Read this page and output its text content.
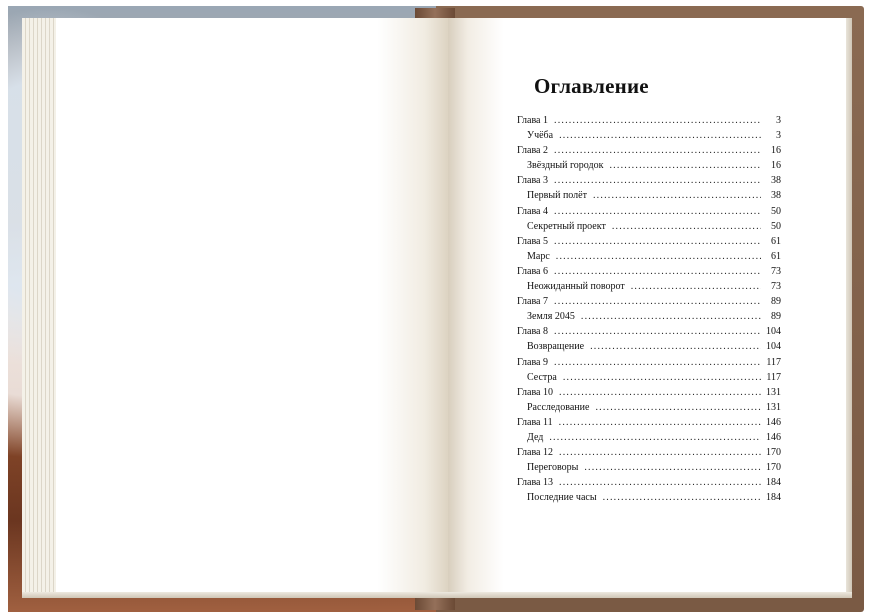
Оглавление
Глава 1 .....	3
Учёба .....	3
Глава 2 .....	16
Звёздный городок .....	16
Глава 3 .....	38
Первый полёт .....	38
Глава 4 .....	50
Секретный проект .....	50
Глава 5 .....	61
Марс .....	61
Глава 6 .....	73
Неожиданный поворот .....	73
Глава 7 .....	89
Земля 2045 .....	89
Глава 8 .....	104
Возвращение .....	104
Глава 9 .....	117
Сестра .....	117
Глава 10 .....	131
Расследование .....	131
Глава 11 .....	146
Дед .....	146
Глава 12 .....	170
Переговоры .....	170
Глава 13 .....	184
Последние часы .....	184
